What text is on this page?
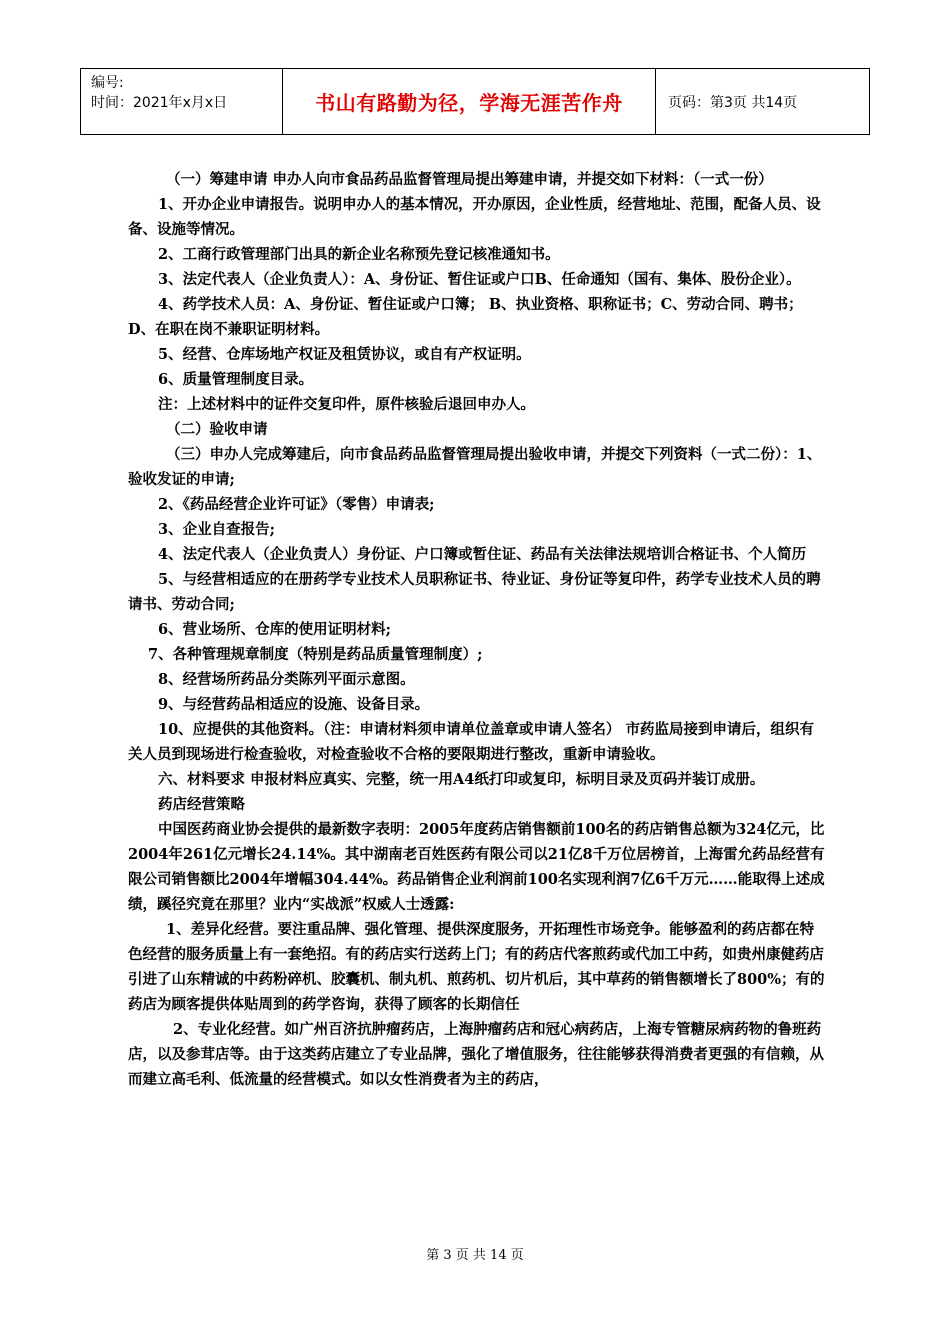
编号:
时间：2021年x月x日	书山有路勤为径，学海无涯苦作舟	页码：第3页 共14页

（一）筹建申请 申办人向市食品药品监督管理局提出筹建申请，并提交如下材料：（一式一份）

1、开办企业申请报告。说明申办人的基本情况，开办原因，企业性质，经营地址、范围，配备人员、设备、设施等情况。

2、工商行政管理部门出具的新企业名称预先登记核准通知书。

3、法定代表人（企业负责人）：A、身份证、暂住证或户口B、任命通知（国有、集体、股份企业）。

4、药学技术人员：A、身份证、暂住证或户口簿； B、执业资格、职称证书；C、劳动合同、聘书；D、在职在岗不兼职证明材料。

5、经营、仓库场地产权证及租赁协议，或自有产权证明。

6、质量管理制度目录。

注：上述材料中的证件交复印件，原件核验后退回申办人。

（二）验收申请

（三）申办人完成筹建后，向市食品药品监督管理局提出验收申请，并提交下列资料（一式二份）：1、验收发证的申请;

2、《药品经营企业许可证》（零售）申请表;

3、企业自查报告;

4、法定代表人（企业负责人）身份证、户口簿或暂住证、药品有关法律法规培训合格证书、个人简历

5、与经营相适应的在册药学专业技术人员职称证书、待业证、身份证等复印件，药学专业技术人员的聘请书、劳动合同;

6、营业场所、仓库的使用证明材料;

7、各种管理规章制度（特别是药品质量管理制度）;

8、经营场所药品分类陈列平面示意图。

9、与经营药品相适应的设施、设备目录。

10、应提供的其他资料。（注：申请材料须申请单位盖章或申请人签名） 市药监局接到申请后，组织有关人员到现场进行检查验收，对检查验收不合格的要限期进行整改，重新申请验收。

六、材料要求 申报材料应真实、完整，统一用A4纸打印或复印，标明目录及页码并装订成册。

药店经营策略

中国医药商业协会提供的最新数字表明：2005年度药店销售额前100名的药店销售总额为324亿元，比2004年261亿元增长24.14%。其中湖南老百姓医药有限公司以21亿8千万位居榜首，上海雷允药品经营有限公司销售额比2004年增幅304.44%。药品销售企业利润前100名实现利润7亿6千万元……能取得上述成绩，蹊径究竟在那里？业内“实战派”权威人士透露:

1、差异化经营。要注重品牌、强化管理、提供深度服务，开拓理性市场竞争。能够盈利的药店都在特色经营的服务质量上有一套绝招。有的药店实行送药上门；有的药店代客煎药或代加工中药，如贵州康健药店引进了山东精诚的中药粉碎机、胶囊机、制丸机、煎药机、切片机后，其中草药的销售额增长了800%；有的药店为顾客提供体贴周到的药学咨询，获得了顾客的长期信任

2、专业化经营。如广州百济抗肿瘤药店，上海肿瘤药店和冠心病药店，上海专管糖尿病药物的鲁班药店，以及参茸店等。由于这类药店建立了专业品牌，强化了增值服务，往往能够获得消费者更强的有信赖，从而建立高毛利、低流量的经营模式。如以女性消费者为主的药店，

第 3 页 共 14 页
